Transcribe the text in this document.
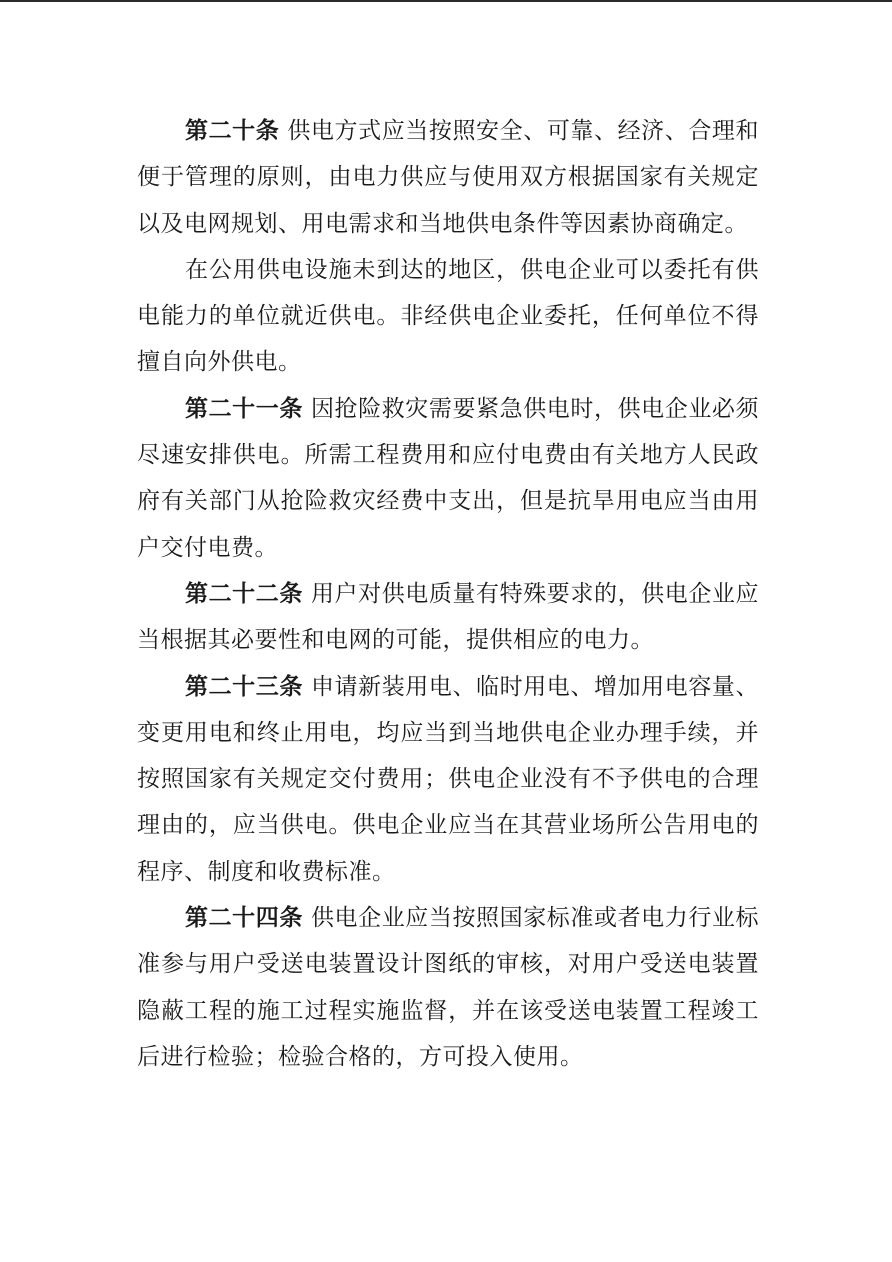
第二十条 供电方式应当按照安全、可靠、经济、合理和便于管理的原则，由电力供应与使用双方根据国家有关规定以及电网规划、用电需求和当地供电条件等因素协商确定。

在公用供电设施未到达的地区，供电企业可以委托有供电能力的单位就近供电。非经供电企业委托，任何单位不得擅自向外供电。

第二十一条 因抢险救灾需要紧急供电时，供电企业必须尽速安排供电。所需工程费用和应付电费由有关地方人民政府有关部门从抢险救灾经费中支出，但是抗旱用电应当由用户交付电费。

第二十二条 用户对供电质量有特殊要求的，供电企业应当根据其必要性和电网的可能，提供相应的电力。

第二十三条 申请新装用电、临时用电、增加用电容量、变更用电和终止用电，均应当到当地供电企业办理手续，并按照国家有关规定交付费用；供电企业没有不予供电的合理理由的，应当供电。供电企业应当在其营业场所公告用电的程序、制度和收费标准。

第二十四条 供电企业应当按照国家标准或者电力行业标准参与用户受送电装置设计图纸的审核，对用户受送电装置隐蔽工程的施工过程实施监督，并在该受送电装置工程竣工后进行检验；检验合格的，方可投入使用。
